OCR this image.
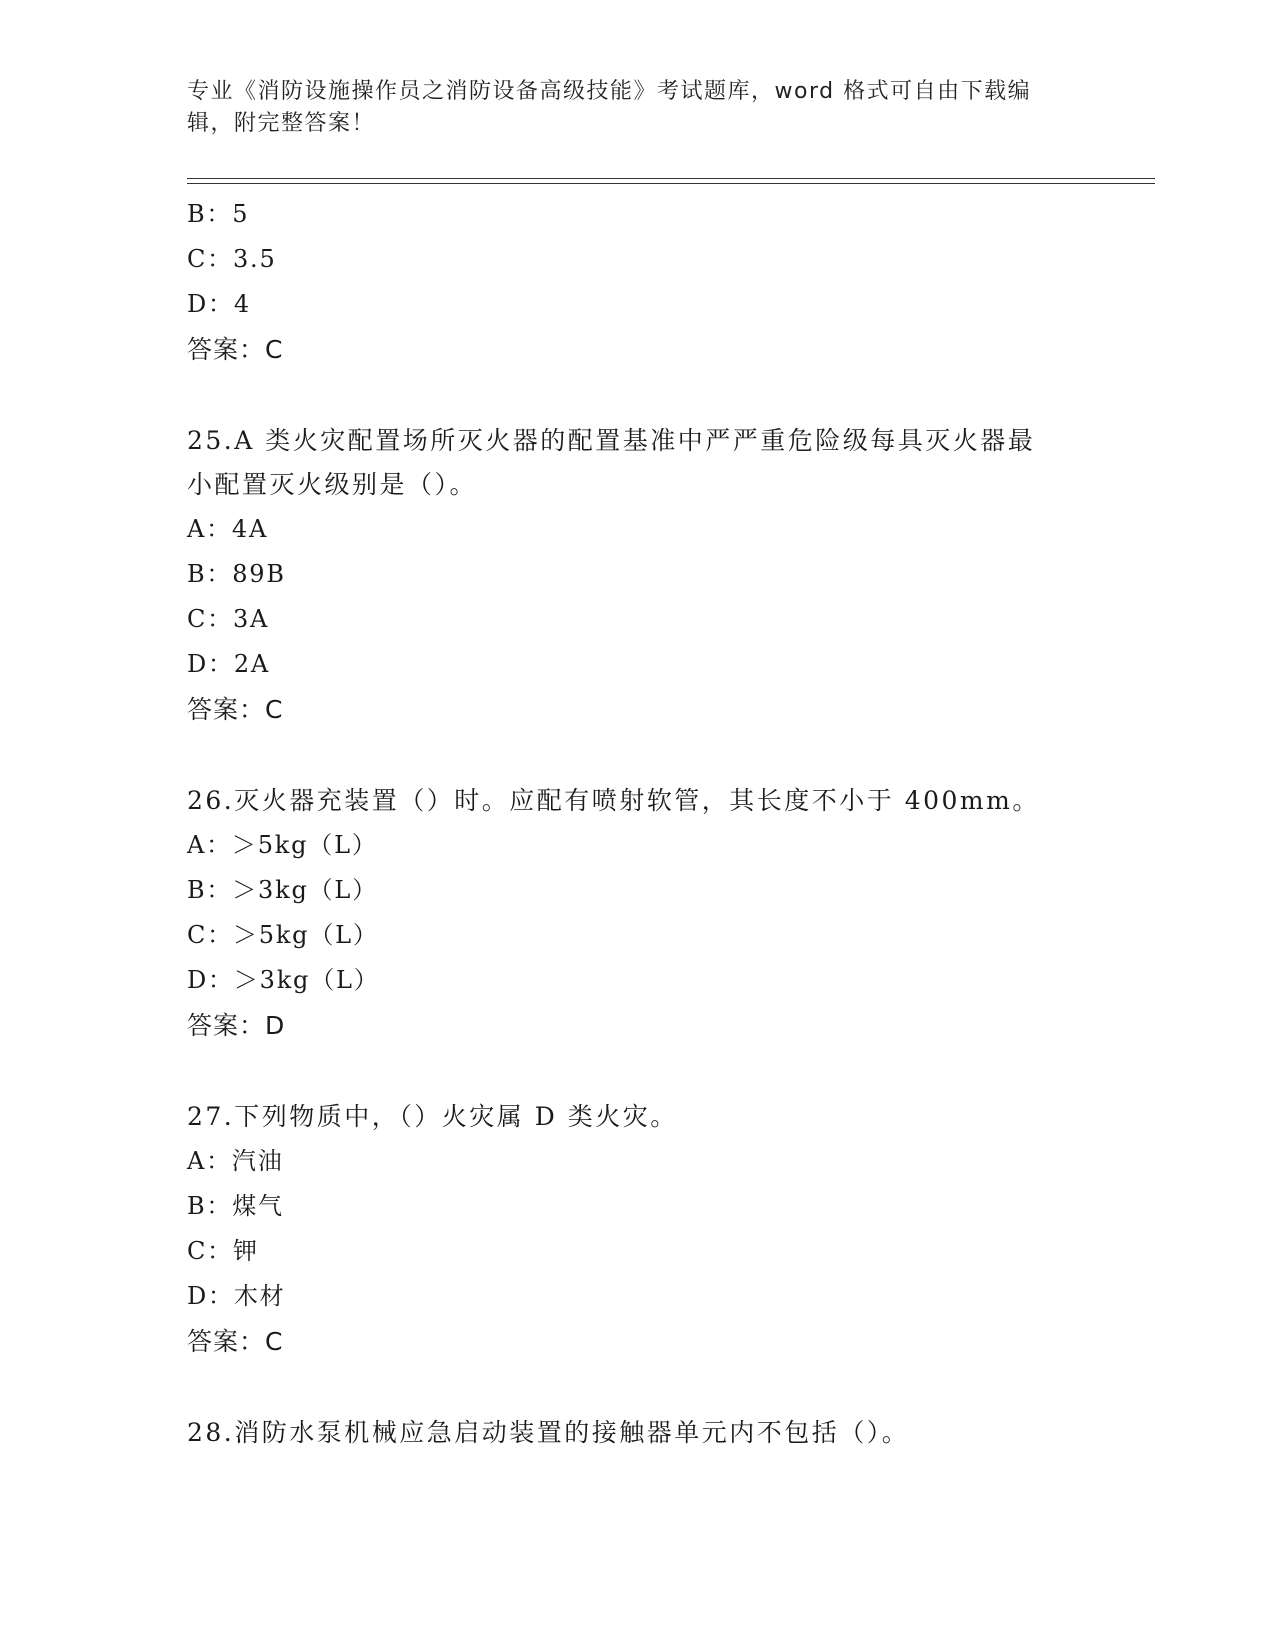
专业《消防设施操作员之消防设备高级技能》考试题库，word 格式可自由下载编
辑，附完整答案！
B：5
C：3.5
D：4
答案：C
25.A 类火灾配置场所灭火器的配置基准中严严重危险级每具灭火器最
小配置灭火级别是（）。
A：4A
B：89B
C：3A
D：2A
答案：C
26.灭火器充装置（）时。应配有喷射软管，其长度不小于 400mm。
A：＞5kg（L）
B：＞3kg（L）
C：＞5kg（L）
D：＞3kg（L）
答案：D
27.下列物质中，（）火灾属 D 类火灾。
A：汽油
B：煤气
C：钾
D：木材
答案：C
28.消防水泵机械应急启动装置的接触器单元内不包括（）。
